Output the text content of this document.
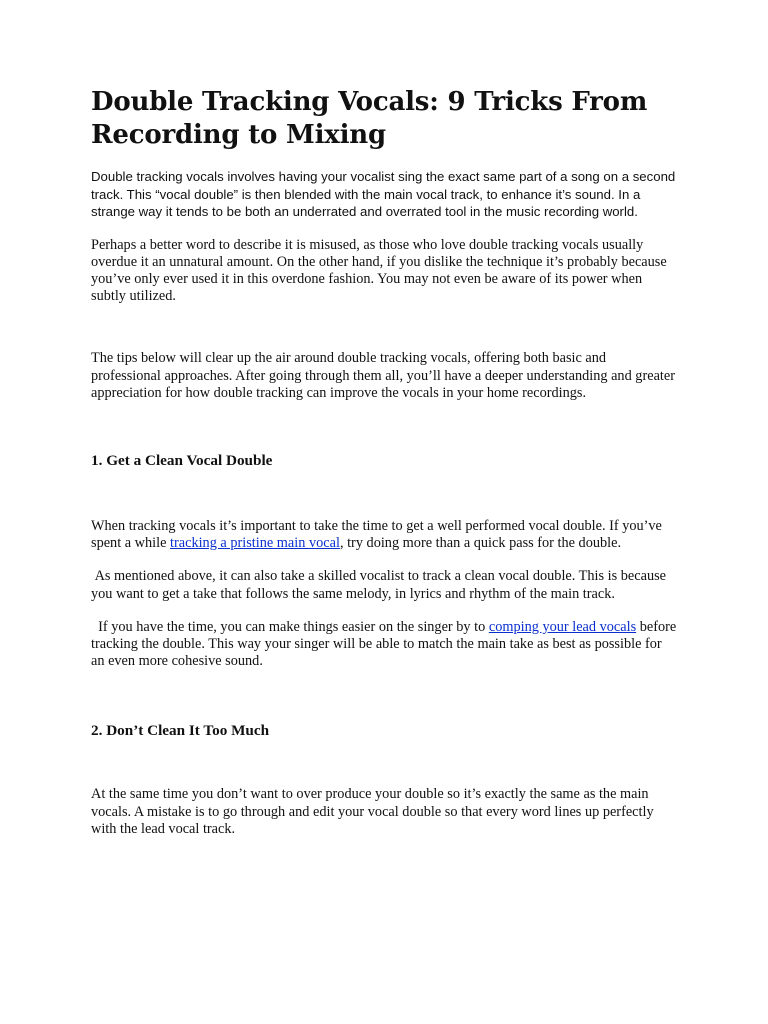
Double Tracking Vocals: 9 Tricks From Recording to Mixing

Double tracking vocals involves having your vocalist sing the exact same part of a song on a second track. This “vocal double” is then blended with the main vocal track, to enhance it’s sound. In a strange way it tends to be both an underrated and overrated tool in the music recording world.

Perhaps a better word to describe it is misused, as those who love double tracking vocals usually overdue it an unnatural amount. On the other hand, if you dislike the technique it’s probably because you’ve only ever used it in this overdone fashion. You may not even be aware of its power when subtly utilized.

The tips below will clear up the air around double tracking vocals, offering both basic and professional approaches. After going through them all, you’ll have a deeper understanding and greater appreciation for how double tracking can improve the vocals in your home recordings.

1. Get a Clean Vocal Double

When tracking vocals it’s important to take the time to get a well performed vocal double. If you’ve spent a while tracking a pristine main vocal, try doing more than a quick pass for the double.

As mentioned above, it can also take a skilled vocalist to track a clean vocal double. This is because you want to get a take that follows the same melody, in lyrics and rhythm of the main track.

If you have the time, you can make things easier on the singer by to comping your lead vocals before tracking the double. This way your singer will be able to match the main take as best as possible for an even more cohesive sound.

2. Don’t Clean It Too Much

At the same time you don’t want to over produce your double so it’s exactly the same as the main vocals. A mistake is to go through and edit your vocal double so that every word lines up perfectly with the lead vocal track.
